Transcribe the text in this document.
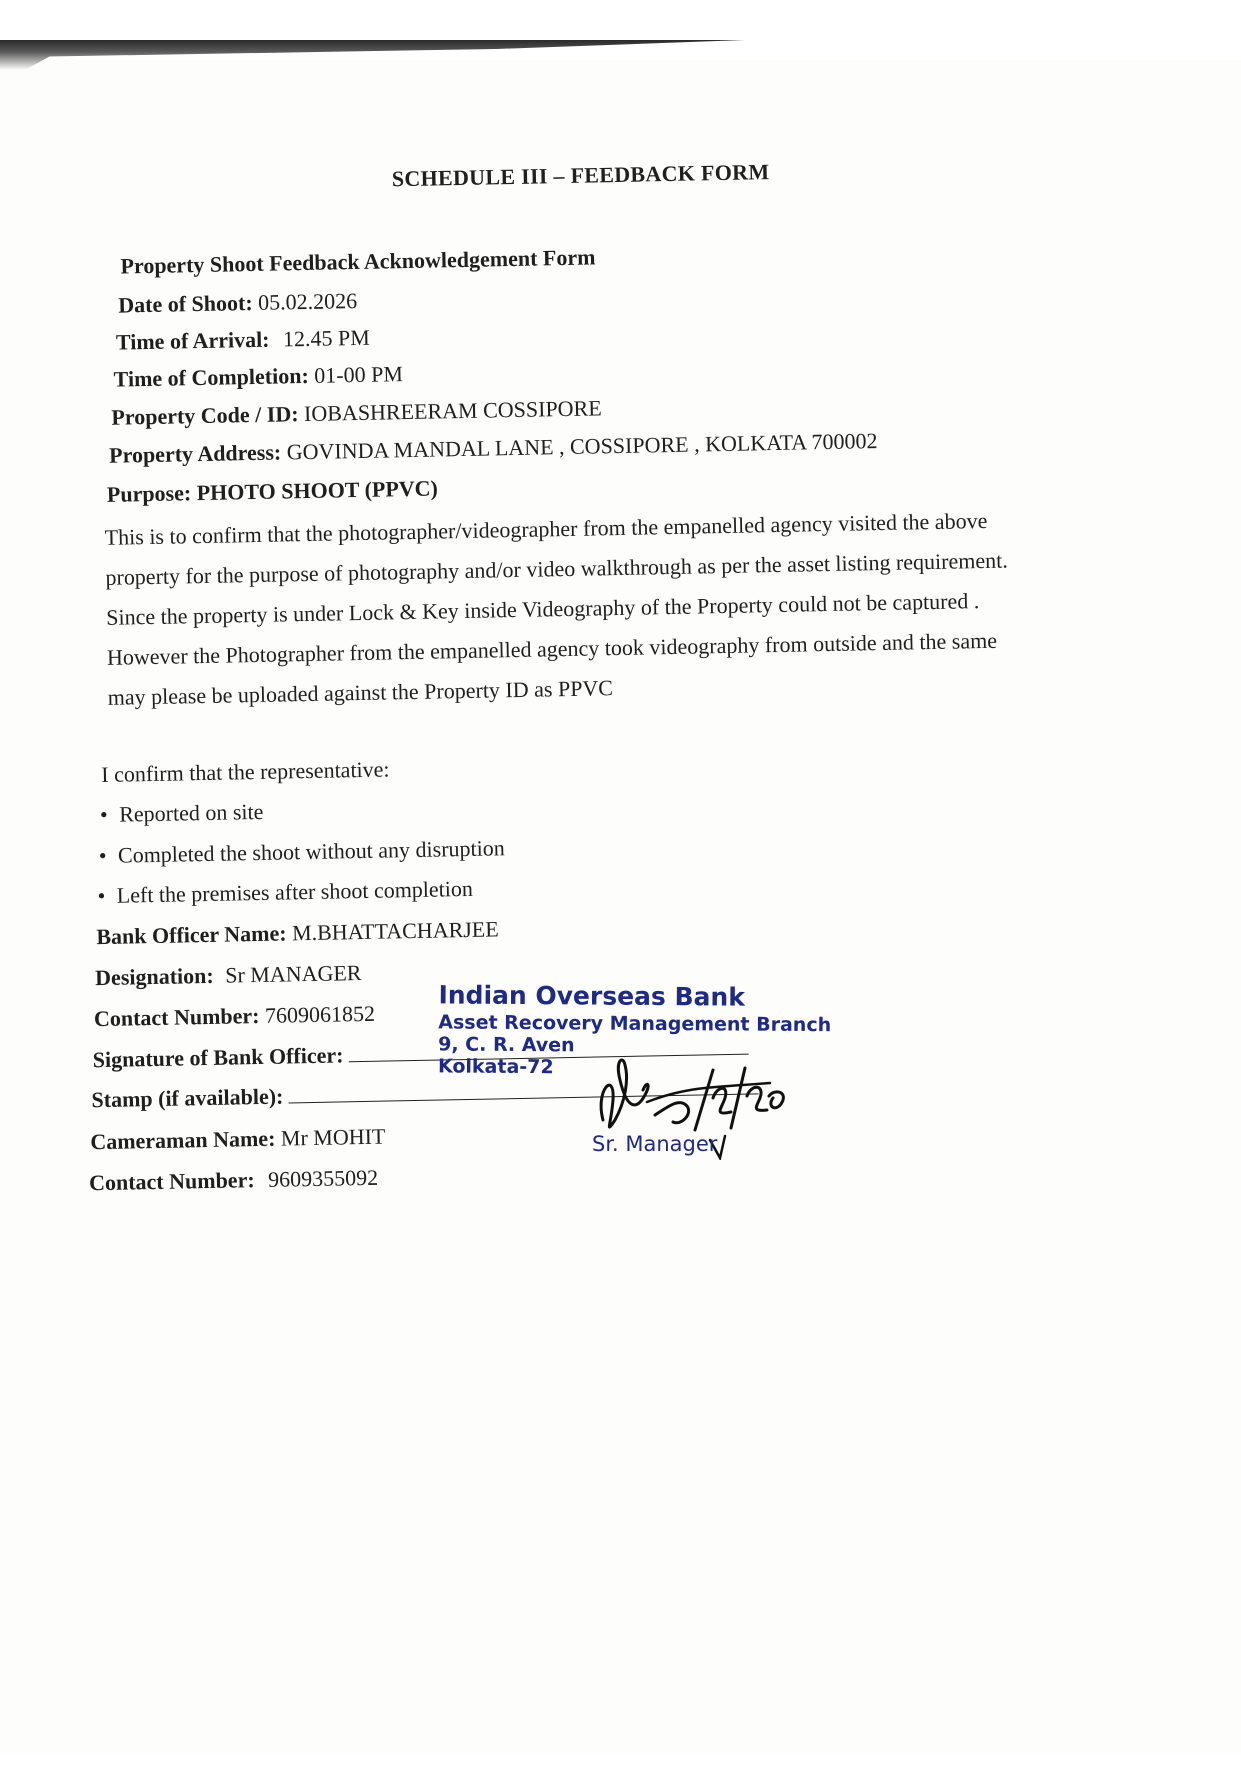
SCHEDULE III – FEEDBACK FORM
Property Shoot Feedback Acknowledgement Form
Date of Shoot: 05.02.2026
Time of Arrival: 12.45 PM
Time of Completion: 01-00 PM
Property Code / ID: IOBASHREERAM COSSIPORE
Property Address: GOVINDA MANDAL LANE , COSSIPORE , KOLKATA 700002
Purpose: PHOTO SHOOT (PPVC)
This is to confirm that the photographer/videographer from the empanelled agency visited the above
property for the purpose of photography and/or video walkthrough as per the asset listing requirement.
Since the property is under Lock & Key inside Videography of the Property could not be captured .
However the Photographer from the empanelled agency took videography from outside and the same
may please be uploaded against the Property ID as PPVC
I confirm that the representative:
• Reported on site
• Completed the shoot without any disruption
• Left the premises after shoot completion
Bank Officer Name: M.BHATTACHARJEE
Designation: Sr MANAGER
Contact Number: 7609061852
Signature of Bank Officer:
Stamp (if available):
Cameraman Name: Mr MOHIT
Contact Number: 9609355092
Indian Overseas Bank
Asset Recovery Management Branch
9, C. R. Aven
Kolkata-72
Sr. Manager
